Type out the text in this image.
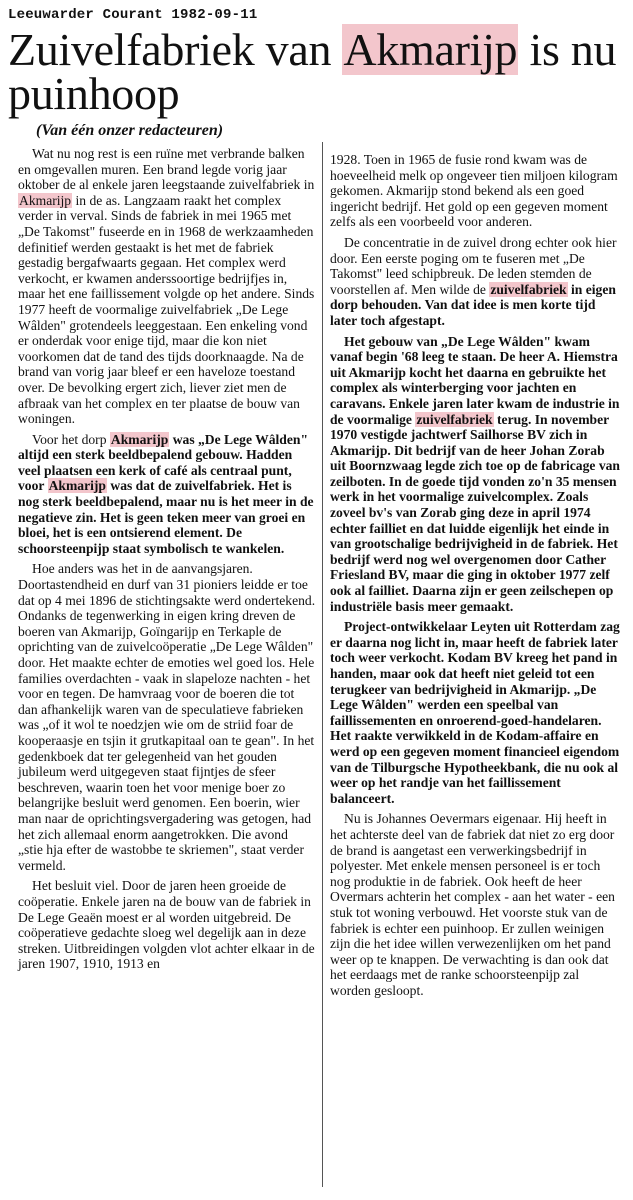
Leeuwarder Courant 1982-09-11
Zuivelfabriek van Akmarijp is nu puinhoop
(Van één onzer redacteuren)

Wat nu nog rest is een ruïne met verbrande balken en omgevallen muren. Een brand legde vorig jaar oktober de al enkele jaren leegstaande zuivelfabriek in Akmarijp in de as. Langzaam raakt het complex verder in verval. Sinds de fabriek in mei 1965 met „De Takomst" fuseerde en in 1968 de werkzaamheden definitief werden gestaakt is het met de fabriek gestadig bergafwaarts gegaan. Het complex werd verkocht, er kwamen anderssoortige bedrijfjes in, maar het ene faillissement volgde op het andere. Sinds 1977 heeft de voormalige zuivelfabriek „De Lege Wâlden" grotendeels leeggestaan. Een enkeling vond er onderdak voor enige tijd, maar die kon niet voorkomen dat de tand des tijds doorknaagde. Na de brand van vorig jaar bleef er een haveloze toestand over. De bevolking ergert zich, liever ziet men de afbraak van het complex en ter plaatse de bouw van woningen.

Voor het dorp Akmarijp was „De Lege Wâlden" altijd een sterk beeldbepalend gebouw. Hadden veel plaatsen een kerk of café als centraal punt, voor Akmarijp was dat de zuivelfabriek. Het is nog sterk beeldbepalend, maar nu is het meer in de negatieve zin. Het is geen teken meer van groei en bloei, het is een ontsierend element. De schoorsteenpijp staat symbolisch te wankelen.

Hoe anders was het in de aanvangsjaren. Doortastendheid en durf van 31 pioniers leidde er toe dat op 4 mei 1896 de stichtingsakte werd ondertekend. Ondanks de tegenwerking in eigen kring dreven de boeren van Akmarijp, Goïngarijp en Terkaple de oprichting van de zuivelcoöperatie „De Lege Wâlden" door. Het maakte echter de emoties wel goed los. Hele families overdachten - vaak in slapeloze nachten - het voor en tegen. De hamvraag voor de boeren die tot dan afhankelijk waren van de speculatieve fabrieken was „of it wol te noedzjen wie om de striid foar de kooperaasje en tsjin it grutkapitaal oan te gean". In het gedenkboek dat ter gelegenheid van het gouden jubileum werd uitgegeven staat fijntjes de sfeer beschreven, waarin toen het voor menige boer zo belangrijke besluit werd genomen. Een boerin, wier man naar de oprichtingsvergadering was getogen, had het zich allemaal enorm aangetrokken. Die avond „stie hja efter de wastobbe te skriemen", staat verder vermeld.

Het besluit viel. Door de jaren heen groeide de coöperatie. Enkele jaren na de bouw van de fabriek in De Lege Geaën moest er al worden uitgebreid. De coöperatieve gedachte sloeg wel degelijk aan in deze streken. Uitbreidingen volgden vlot achter elkaar in de jaren 1907, 1910, 1913 en

1928. Toen in 1965 de fusie rond kwam was de hoeveelheid melk op ongeveer tien miljoen kilogram gekomen. Akmarijp stond bekend als een goed ingericht bedrijf. Het gold op een gegeven moment zelfs als een voorbeeld voor anderen.

De concentratie in de zuivel drong echter ook hier door. Een eerste poging om te fuseren met „De Takomst" leed schipbreuk. De leden stemden de voorstellen af. Men wilde de zuivelfabriek in eigen dorp behouden. Van dat idee is men korte tijd later toch afgestapt.

Het gebouw van „De Lege Wâlden" kwam vanaf begin '68 leeg te staan. De heer A. Hiemstra uit Akmarijp kocht het daarna en gebruikte het complex als winterberging voor jachten en caravans. Enkele jaren later kwam de industrie in de voormalige zuivelfabriek terug. In november 1970 vestigde jachtwerf Sailhorse BV zich in Akmarijp. Dit bedrijf van de heer Johan Zorab uit Boornzwaag legde zich toe op de fabricage van zeilboten. In de goede tijd vonden zo'n 35 mensen werk in het voormalige zuivelcomplex. Zoals zoveel bv's van Zorab ging deze in april 1974 echter failliet en dat luidde eigenlijk het einde in van grootschalige bedrijvigheid in de fabriek. Het bedrijf werd nog wel overgenomen door Cather Friesland BV, maar die ging in oktober 1977 zelf ook al failliet. Daarna zijn er geen zeilschepen op industriële basis meer gemaakt.

Project-ontwikkelaar Leyten uit Rotterdam zag er daarna nog licht in, maar heeft de fabriek later toch weer verkocht. Kodam BV kreeg het pand in handen, maar ook dat heeft niet geleid tot een terugkeer van bedrijvigheid in Akmarijp. „De Lege Wâlden" werden een speelbal van faillissementen en onroerend-goed-handelaren. Het raakte verwikkeld in de Kodam-affaire en werd op een gegeven moment financieel eigendom van de Tilburgsche Hypotheekbank, die nu ook al weer op het randje van het faillissement balanceert.

Nu is Johannes Oevermars eigenaar. Hij heeft in het achterste deel van de fabriek dat niet zo erg door de brand is aangetast een verwerkingsbedrijf in polyester. Met enkele mensen personeel is er toch nog produktie in de fabriek. Ook heeft de heer Overmars achterin het complex - aan het water - een stuk tot woning verbouwd. Het voorste stuk van de fabriek is echter een puinhoop. Er zullen weinigen zijn die het idee willen verwezenlijken om het pand weer op te knappen. De verwachting is dan ook dat het eerdaags met de ranke schoorsteenpijp zal worden gesloopt.
